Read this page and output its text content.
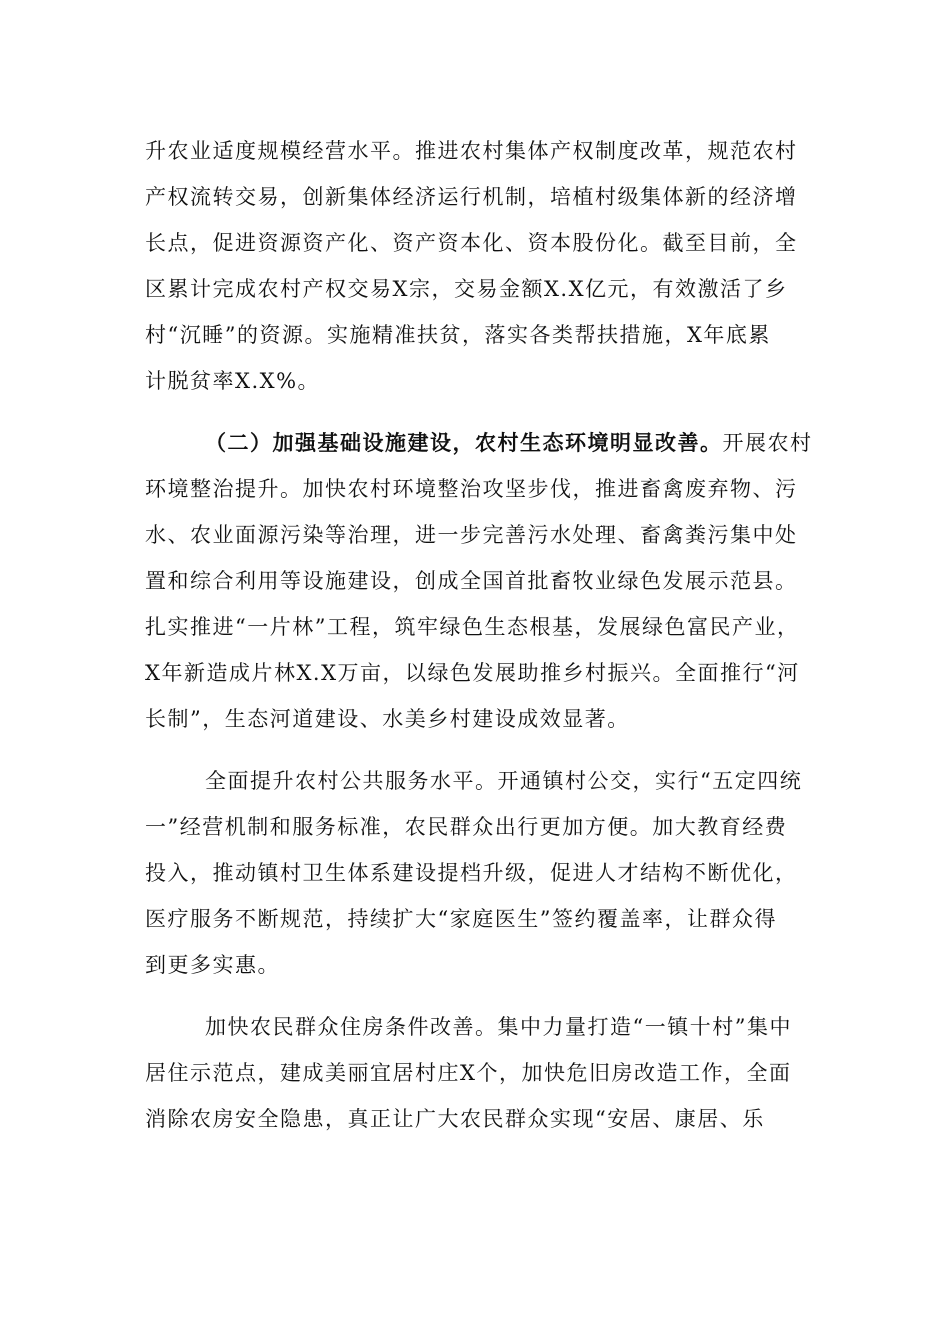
升农业适度规模经营水平。推进农村集体产权制度改革，规范农村
产权流转交易，创新集体经济运行机制，培植村级集体新的经济增
长点，促进资源资产化、资产资本化、资本股份化。截至目前，全
区累计完成农村产权交易X宗，交易金额X.X亿元，有效激活了乡
村“沉睡”的资源。实施精准扶贫，落实各类帮扶措施，X年底累
计脱贫率X.X%。
（二）加强基础设施建设，农村生态环境明显改善。开展农村
环境整治提升。加快农村环境整治攻坚步伐，推进畜禽废弃物、污
水、农业面源污染等治理，进一步完善污水处理、畜禽粪污集中处
置和综合利用等设施建设，创成全国首批畜牧业绿色发展示范县。
扎实推进“一片林”工程，筑牢绿色生态根基，发展绿色富民产业，
X年新造成片林X.X万亩，以绿色发展助推乡村振兴。全面推行“河
长制”，生态河道建设、水美乡村建设成效显著。
全面提升农村公共服务水平。开通镇村公交，实行“五定四统
一”经营机制和服务标准，农民群众出行更加方便。加大教育经费
投入，推动镇村卫生体系建设提档升级，促进人才结构不断优化，
医疗服务不断规范，持续扩大“家庭医生”签约覆盖率，让群众得
到更多实惠。
加快农民群众住房条件改善。集中力量打造“一镇十村”集中
居住示范点，建成美丽宜居村庄X个，加快危旧房改造工作，全面
消除农房安全隐患，真正让广大农民群众实现“安居、康居、乐
